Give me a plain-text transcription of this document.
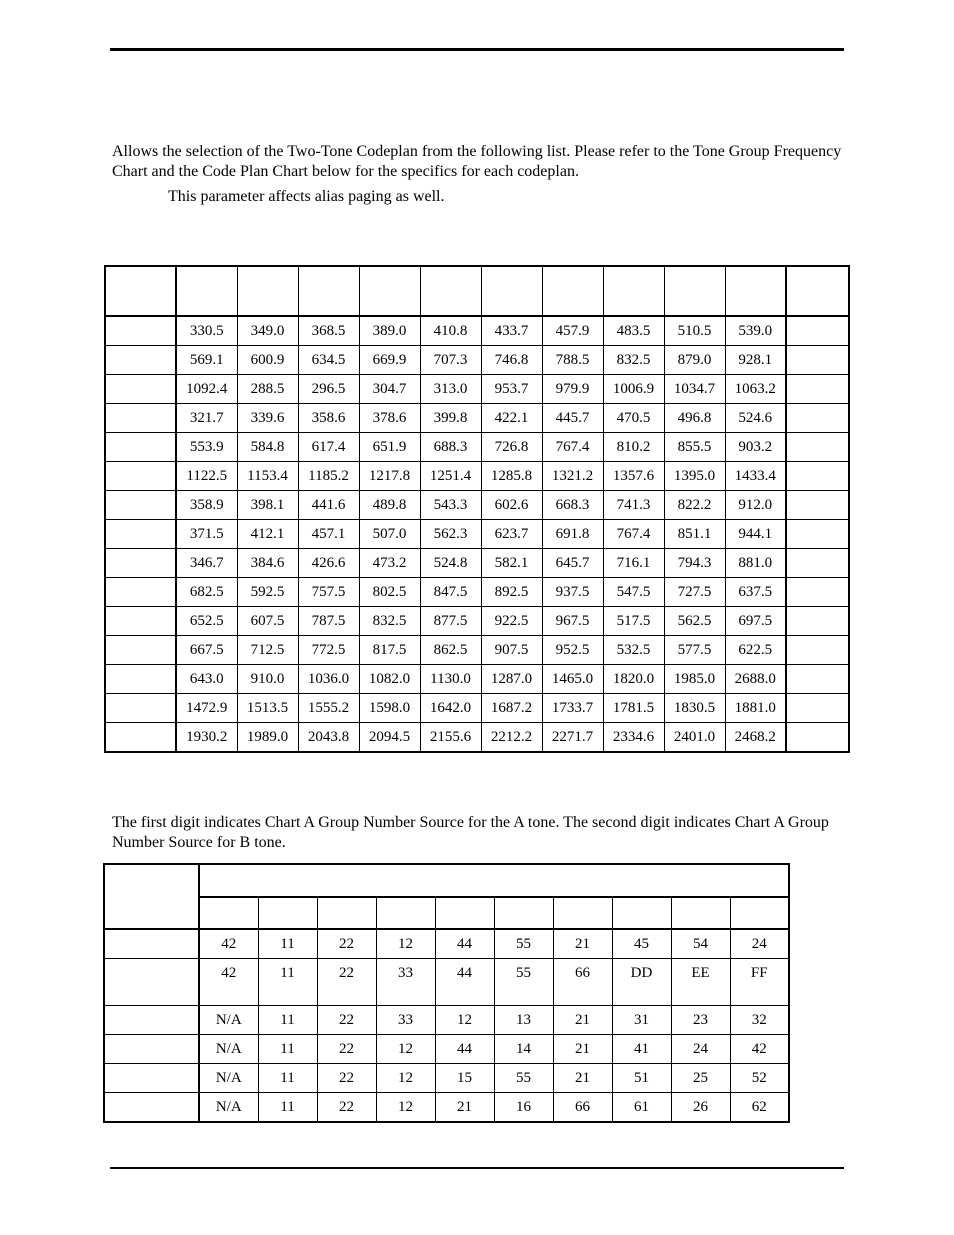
Allows the selection of the Two-Tone Codeplan from the following list. Please refer to the Tone Group Frequency Chart and the Code Plan Chart below for the specifics for each codeplan.

This parameter affects alias paging as well.

	330.5	349.0	368.5	389.0	410.8	433.7	457.9	483.5	510.5	539.0	
	569.1	600.9	634.5	669.9	707.3	746.8	788.5	832.5	879.0	928.1	
	1092.4	288.5	296.5	304.7	313.0	953.7	979.9	1006.9	1034.7	1063.2	
	321.7	339.6	358.6	378.6	399.8	422.1	445.7	470.5	496.8	524.6	
	553.9	584.8	617.4	651.9	688.3	726.8	767.4	810.2	855.5	903.2	
	1122.5	1153.4	1185.2	1217.8	1251.4	1285.8	1321.2	1357.6	1395.0	1433.4	
	358.9	398.1	441.6	489.8	543.3	602.6	668.3	741.3	822.2	912.0	
	371.5	412.1	457.1	507.0	562.3	623.7	691.8	767.4	851.1	944.1	
	346.7	384.6	426.6	473.2	524.8	582.1	645.7	716.1	794.3	881.0	
	682.5	592.5	757.5	802.5	847.5	892.5	937.5	547.5	727.5	637.5	
	652.5	607.5	787.5	832.5	877.5	922.5	967.5	517.5	562.5	697.5	
	667.5	712.5	772.5	817.5	862.5	907.5	952.5	532.5	577.5	622.5	
	643.0	910.0	1036.0	1082.0	1130.0	1287.0	1465.0	1820.0	1985.0	2688.0	
	1472.9	1513.5	1555.2	1598.0	1642.0	1687.2	1733.7	1781.5	1830.5	1881.0	
	1930.2	1989.0	2043.8	2094.5	2155.6	2212.2	2271.7	2334.6	2401.0	2468.2	

The first digit indicates Chart A Group Number Source for the A tone. The second digit indicates Chart A Group Number Source for B tone.

	42	11	22	12	44	55	21	45	54	24
	42	11	22	33	44	55	66	DD	EE	FF
	N/A	11	22	33	12	13	21	31	23	32
	N/A	11	22	12	44	14	21	41	24	42
	N/A	11	22	12	15	55	21	51	25	52
	N/A	11	22	12	21	16	66	61	26	62
